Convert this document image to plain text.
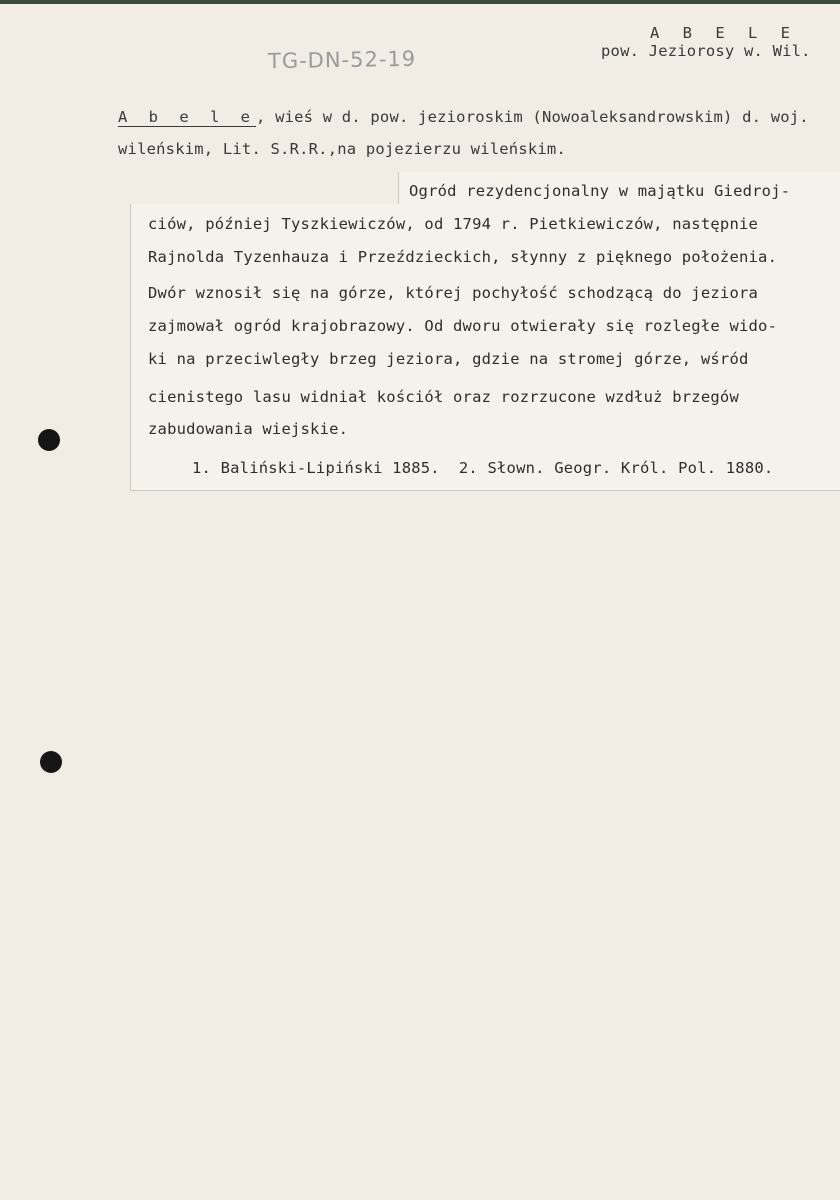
A B E L E
pow. Jeziorosy w. Wil.
TG-DN-52-19
A b e l e, wieś w d. pow. jezioroskim (Nowoaleksandrowskim) d. woj.
wileńskim, Lit. S.R.R.,na pojezierzu wileńskim.
Ogród rezydencjonalny w majątku Giedroj-
ciów, później Tyszkiewiczów, od 1794 r. Pietkiewiczów, następnie
Rajnolda Tyzenhauza i Przeździeckich, słynny z pięknego położenia.
Dwór wznosił się na górze, której pochyłość schodzącą do jeziora
zajmował ogród krajobrazowy. Od dworu otwierały się rozległe wido-
ki na przeciwległy brzeg jeziora, gdzie na stromej górze, wśród
cienistego lasu widniał kościół oraz rozrzucone wzdłuż brzegów
zabudowania wiejskie.
1. Baliński-Lipiński 1885.  2. Słown. Geogr. Król. Pol. 1880.
